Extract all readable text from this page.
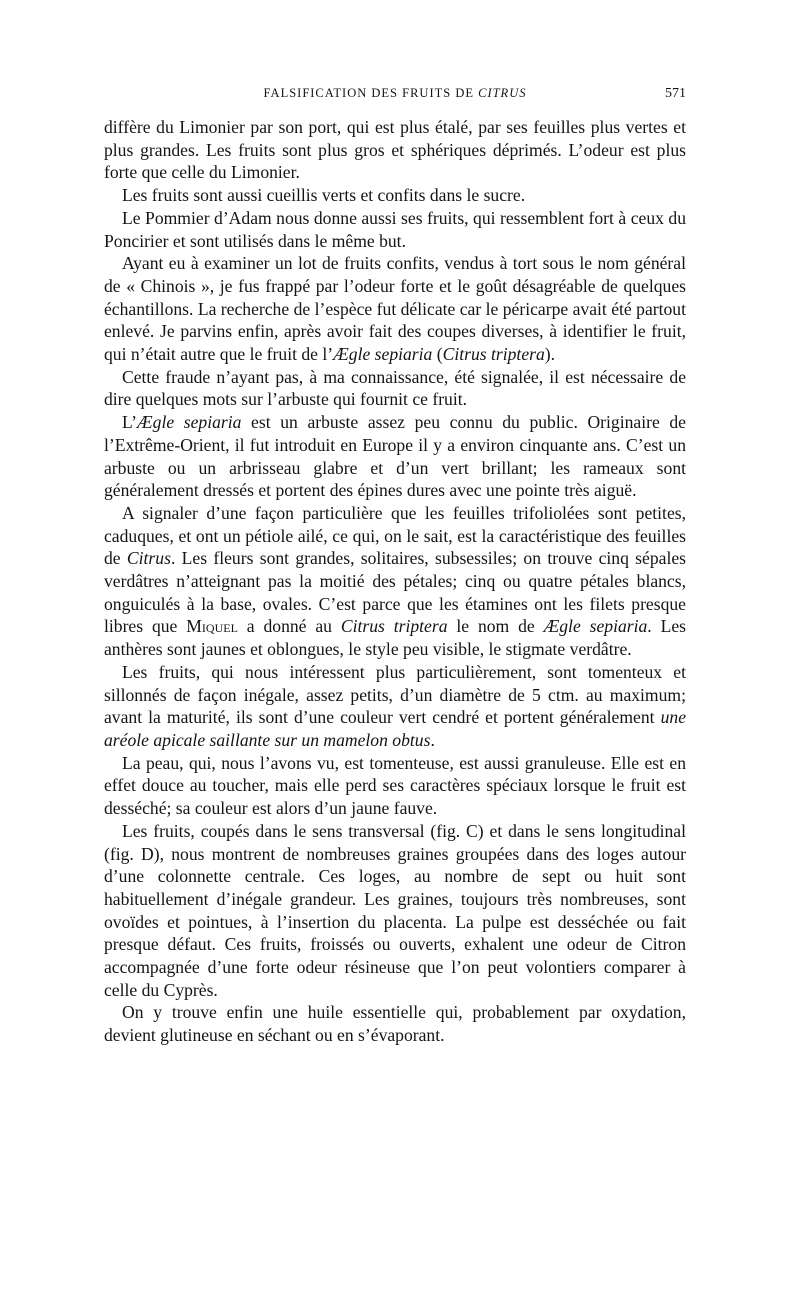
FALSIFICATION DES FRUITS DE CITRUS	571

diffère du Limonier par son port, qui est plus étalé, par ses feuilles plus vertes et plus grandes. Les fruits sont plus gros et sphériques déprimés. L’odeur est plus forte que celle du Limonier.

Les fruits sont aussi cueillis verts et confits dans le sucre.

Le Pommier d’Adam nous donne aussi ses fruits, qui ressemblent fort à ceux du Poncirier et sont utilisés dans le même but.

Ayant eu à examiner un lot de fruits confits, vendus à tort sous le nom général de « Chinois », je fus frappé par l’odeur forte et le goût désagréable de quelques échantillons. La recherche de l’espèce fut délicate car le péricarpe avait été partout enlevé. Je parvins enfin, après avoir fait des coupes diverses, à identifier le fruit, qui n’était autre que le fruit de l’Ægle sepiaria (Citrus triptera).

Cette fraude n’ayant pas, à ma connaissance, été signalée, il est nécessaire de dire quelques mots sur l’arbuste qui fournit ce fruit.

L’Ægle sepiaria est un arbuste assez peu connu du public. Originaire de l’Extrême-Orient, il fut introduit en Europe il y a environ cinquante ans. C’est un arbuste ou un arbrisseau glabre et d’un vert brillant; les rameaux sont généralement dressés et portent des épines dures avec une pointe très aiguë.

A signaler d’une façon particulière que les feuilles trifoliolées sont petites, caduques, et ont un pétiole ailé, ce qui, on le sait, est la caractéristique des feuilles de Citrus. Les fleurs sont grandes, solitaires, subsessiles; on trouve cinq sépales verdâtres n’atteignant pas la moitié des pétales; cinq ou quatre pétales blancs, onguiculés à la base, ovales. C’est parce que les étamines ont les filets presque libres que Miquel a donné au Citrus triptera le nom de Ægle sepiaria. Les anthères sont jaunes et oblongues, le style peu visible, le stigmate verdâtre.

Les fruits, qui nous intéressent plus particulièrement, sont tomenteux et sillonnés de façon inégale, assez petits, d’un diamètre de 5 ctm. au maximum; avant la maturité, ils sont d’une couleur vert cendré et portent généralement une aréole apicale saillante sur un mamelon obtus.

La peau, qui, nous l’avons vu, est tomenteuse, est aussi granuleuse. Elle est en effet douce au toucher, mais elle perd ses caractères spéciaux lorsque le fruit est desséché; sa couleur est alors d’un jaune fauve.

Les fruits, coupés dans le sens transversal (fig. C) et dans le sens longitudinal (fig. D), nous montrent de nombreuses graines groupées dans des loges autour d’une colonnette centrale. Ces loges, au nombre de sept ou huit sont habituellement d’inégale grandeur. Les graines, toujours très nombreuses, sont ovoïdes et pointues, à l’insertion du placenta. La pulpe est desséchée ou fait presque défaut. Ces fruits, froissés ou ouverts, exhalent une odeur de Citron accompagnée d’une forte odeur résineuse que l’on peut volontiers comparer à celle du Cyprès.

On y trouve enfin une huile essentielle qui, probablement par oxydation, devient glutineuse en séchant ou en s’évaporant.
